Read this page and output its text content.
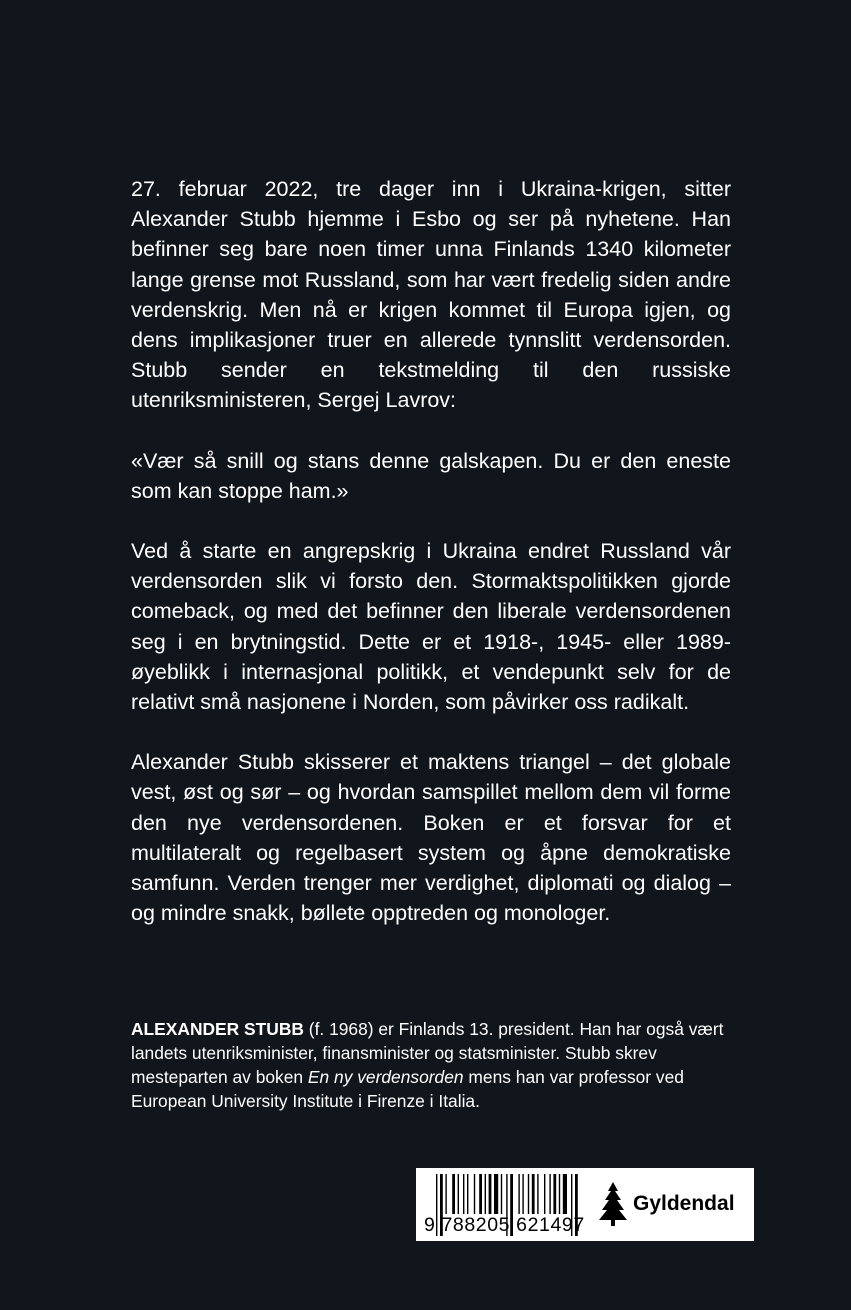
27. februar 2022, tre dager inn i Ukraina-krigen, sitter Alexander Stubb hjemme i Esbo og ser på nyhetene. Han befinner seg bare noen timer unna Finlands 1340 kilometer lange grense mot Russland, som har vært fredelig siden andre verdenskrig. Men nå er krigen kommet til Europa igjen, og dens implikasjoner truer en allerede tynnslitt verdensorden. Stubb sender en tekstmelding til den russiske utenriksministeren, Sergej Lavrov:

«Vær så snill og stans denne galskapen. Du er den eneste som kan stoppe ham.»

Ved å starte en angrepskrig i Ukraina endret Russland vår verdensorden slik vi forsto den. Stormaktspolitikken gjorde comeback, og med det befinner den liberale verdensordenen seg i en brytningstid. Dette er et 1918-, 1945- eller 1989-øyeblikk i internasjonal politikk, et vendepunkt selv for de relativt små nasjonene i Norden, som påvirker oss radikalt.

Alexander Stubb skisserer et maktens triangel – det globale vest, øst og sør – og hvordan samspillet mellom dem vil forme den nye verdensordenen. Boken er et forsvar for et multilateralt og regelbasert system og åpne demokratiske samfunn. Verden trenger mer verdighet, diplomati og dialog – og mindre snakk, bøllete opptreden og monologer.

ALEXANDER STUBB (f. 1968) er Finlands 13. president. Han har også vært landets utenriksminister, finansminister og statsminister. Stubb skrev mesteparten av boken En ny verdensorden mens han var professor ved European University Institute i Firenze i Italia.

9 788205 621497
Gyldendal
